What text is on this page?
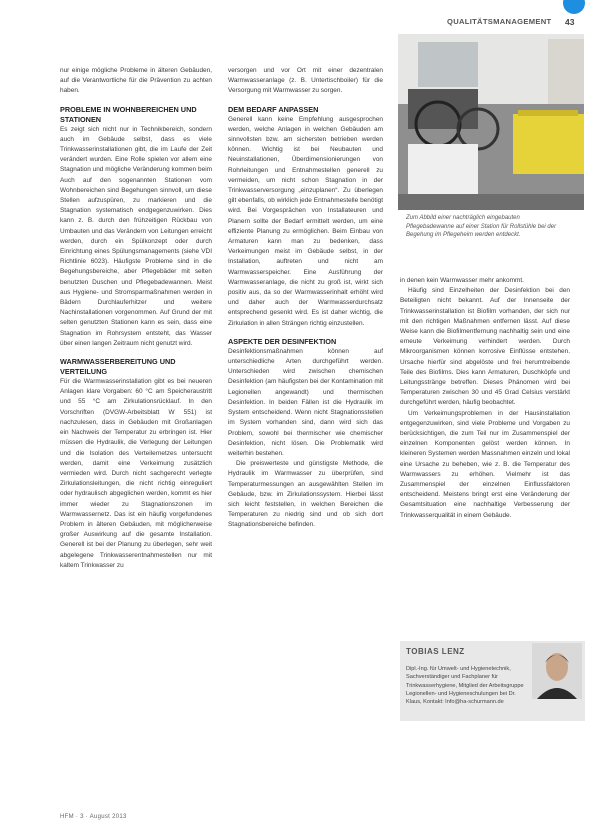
QUALITÄTSMANAGEMENT 43

nur einige mögliche Probleme in älteren Gebäuden, auf die Verantwortliche für die Prävention zu achten haben.

PROBLEME IN WOHNBEREICHEN UND STATIONEN

Es zeigt sich nicht nur in Technikbereich, sondern auch im Gebäude selbst, dass es viele Trinkwasserinstallationen gibt, die im Laufe der Zeit verändert wurden. Eine Rolle spielen vor allem eine Stagnation und mögliche Veränderung kommen beim Auch auf den sogenannten Stationen vom Wohnbereichen sind Begehungen sinnvoll, um diese Stellen aufzuspüren, zu markieren und die Stagnation systematisch endgegenzuwirken. Dies kann z. B. durch den frühzeitigen Rückbau von Umbauten und das Verändern von Leitungen erreicht werden, durch ein Spülkonzept oder durch Einrichtung eines Spülungsmanagements (siehe VDI Richtlinie 6023). Häufigste Probleme sind in die Begehungsbereiche, aber Pflegebäder mit selten benutzten Duschen und Pflegebadewannen. Meist aus Hygiene- und Stromsparmaßnahmen werden in Bädern Durchlauferhitzer und weitere Nachinstallationen vorgenommen. Auf Grund der mit selten genutzten Stationen kann es sein, dass eine Stagnation im Rohrsystem entsteht, das Wasser über einen langen Zeitraum nicht genutzt wird.

WARMWASSERBEREITUNG UND VERTEILUNG

Für die Warmwasserinstallation gibt es bei neueren Anlagen klare Vorgaben: 60 °C am Speicheraustritt und 55 °C am Zirkulationsrücklauf. In den Vorschriften (DVGW-Arbeitsblatt W 551) ist nachzulesen, dass in Gebäuden mit Großanlagen ein Nachweis der Temperatur zu erbringen ist. Hier müssen die Hydraulik, die Verlegung der Leitungen und die Isolation des Verteilernetzes untersucht werden, damit eine Verkeimung zusätzlich vermieden wird. Durch nicht sachgerecht verlegte Zirkulationsleitungen, die nicht richtig einreguliert oder hydraulisch abgeglichen werden, kommt es hier immer wieder zu Stagnationszonen im Warmwassernetz. Das ist ein häufig vorgefundenes Problem in älteren Gebäuden, mit möglicherweise großer Auswirkung auf die gesamte Installation. Generell ist bei der Planung zu überlegen, sehr weit abgelegene Trinkwasserentnahmestellen nur mit kaltem Trinkwasser zu

versorgen und vor Ort mit einer dezentralen Warmwasseranlage (z. B. Untertischboiler) für die Versorgung mit Warmwasser zu sorgen.

DEM BEDARF ANPASSEN

Generell kann keine Empfehlung ausgesprochen werden, welche Anlagen in welchen Gebäuden am sinnvollsten bzw. am sichersten betrieben werden können. Wichtig ist bei Neubauten und Neuinstallationen, Überdimensionierungen von Rohrleitungen und Entnahmestellen generell zu vermeiden, um nicht schon Stagnation in der Trinkwasserversorgung „einzuplanen“. Zu überlegen gilt ebenfalls, ob wirklich jede Entnahmestelle benötigt wird. Bei Vorgesprächen von Installateuren und Planern sollte der Bedarf ermittelt werden, um eine effiziente Planung zu ermöglichen. Beim Einbau von Armaturen kann man zu bedenken, dass Verkeimungen meist im Gebäude selbst, in der Installation, auftreten und nicht am Warmwasserspeicher. Eine Ausführung der Warmwasseranlage, die nicht zu groß ist, wirkt sich positiv aus, da so der Warmwasserinhalt erhöht wird und daher auch der Warmwasserdurchsatz entsprechend gesenkt wird. Es ist daher wichtig, die Zirkulation in allen Strängen richtig einzustellen.

ASPEKTE DER DESINFEKTION

Desinfektionsmaßnahmen können auf unterschiedliche Arten durchgeführt werden. Unterschieden wird zwischen chemischen Desinfektion (am häufigsten bei der Kontamination mit Legionellen angewandt) und thermischen Desinfektion. In beiden Fällen ist die Hydraulik im System entscheidend. Wenn nicht Stagnationsstellen im System vorhanden sind, dann wird sich das Problem, sowohl bei thermischer wie chemischer Desinfektion, nicht lösen. Die Problematik wird weiterhin bestehen.

Die preiswerteste und günstigste Methode, die Hydraulik im Warmwasser zu überprüfen, sind Temperaturmessungen an ausgewählten Stellen im Gebäude, bzw. im Zirkulationssystem. Hierbei lässt sich leicht feststellen, in welchen Bereichen die Temperaturen zu niedrig sind und ob sich dort Stagnationsbereiche befinden.

Zum Abbild einer nachträglich eingebauten Pflegebadewanne auf einer Station für Rollstühle bei der Begehung im Pflegeheim werden entdeckt.

in denen kein Warmwasser mehr ankommt.

Häufig sind Einzelheiten der Desinfektion bei den Beteiligten nicht bekannt. Auf der Innenseite der Trinkwasserinstallation ist Biofilm vorhanden, der sich nur mit den richtigen Maßnahmen entfernen lässt. Auf diese Weise kann die Biofilmentfernung nachhaltig sein und eine erneute Verkeimung verhindert werden. Durch Mikroorganismen können korrosive Einflüsse entstehen. Ursache hierfür sind abgelöste und frei herumtreibende Teile des Biofilms. Dies kann Armaturen, Duschköpfe und Leitungsstränge betreffen. Dieses Phänomen wird bei Temperaturen zwischen 30 und 45 Grad Celsius verstärkt durchgeführt werden, häufig beobachtet.

Um Verkeimungsproblemen in der Hausinstallation entgegenzuwirken, sind viele Probleme und Vorgaben zu berücksichtigen, die zum Teil nur im Zusammenspiel der einzelnen Komponenten gelöst werden können. In kleineren Systemen werden Massnahmen einzeln und lokal eine Ursache zu beheben, wie z. B. die Temperatur des Warmwassers zu erhöhen. Vielmehr ist das Zusammenspiel der einzelnen Einflussfaktoren entscheidend. Meistens bringt erst eine Veränderung der Gesamtsituation eine nachhaltige Verbesserung der Trinkwasserqualität in einem Gebäude.

TOBIAS LENZ
Dipl.-Ing. für Umwelt- und Hygienetechnik, Sachverständiger und Fachplaner für Trinkwasserhygiene, Mitglied der Arbeitsgruppe Legionellen- und Hygieneschulungen bei Dr. Klaus, Kontakt: Info@ha-schurmann.de
HFM · 3 · August 2013
